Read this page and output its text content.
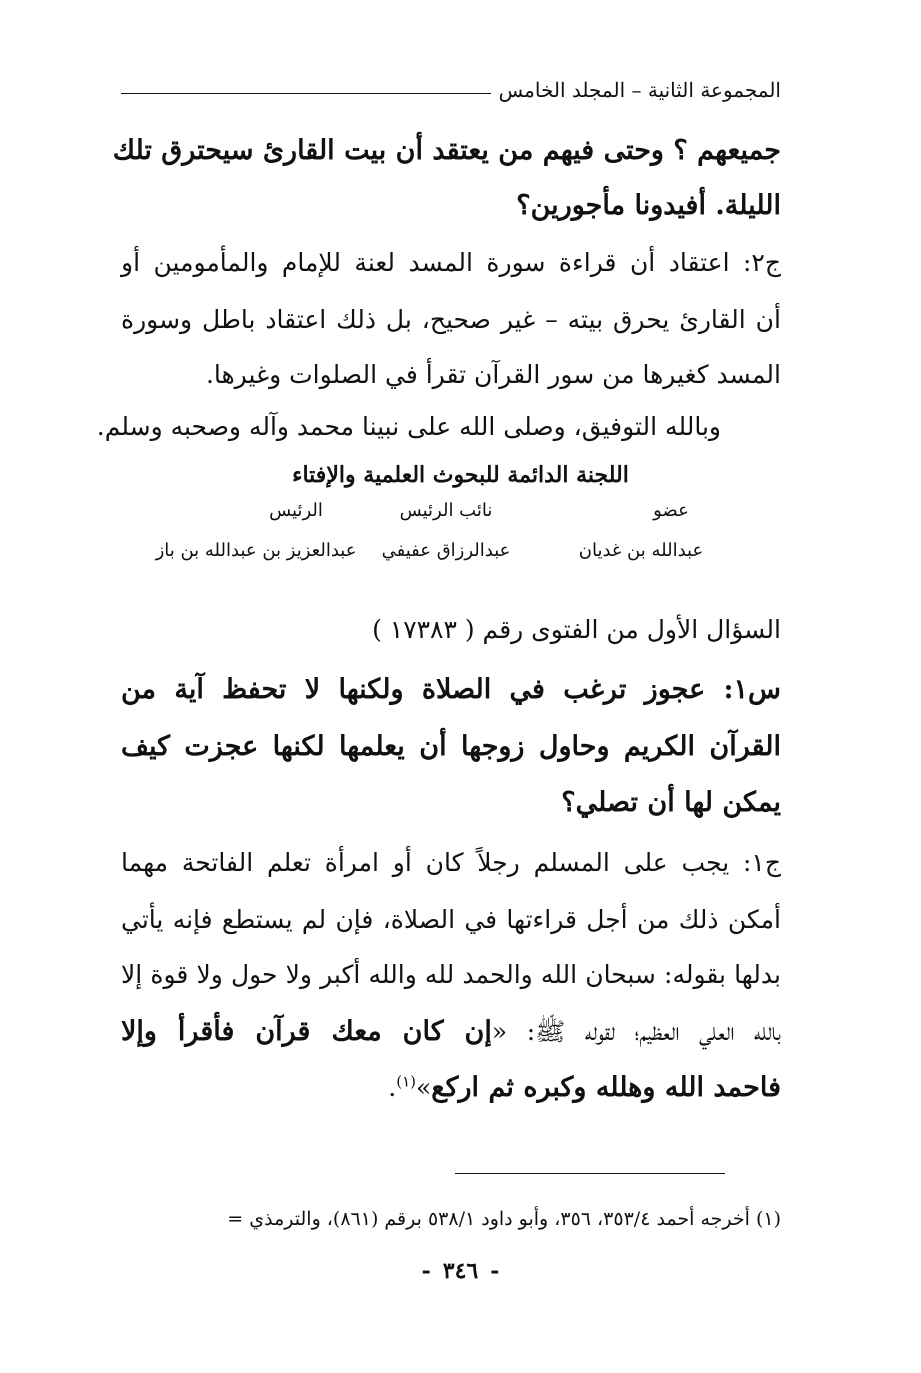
المجموعة الثانية – المجلد الخامس
جميعهم ؟ وحتى فيهم من يعتقد أن بيت القارئ سيحترق تلك
الليلة. أفيدونا مأجورين؟
ج٢: اعتقاد أن قراءة سورة المسد لعنة للإمام والمأمومين أو
أن القارئ يحرق بيته – غير صحيح، بل ذلك اعتقاد باطل وسورة
المسد كغيرها من سور القرآن تقرأ في الصلوات وغيرها.
وبالله التوفيق، وصلى الله على نبينا محمد وآله وصحبه وسلم.
اللجنة الدائمة للبحوث العلمية والإفتاء
عضو
نائب الرئيس
الرئيس
عبدالله بن غديان
عبدالرزاق عفيفي
عبدالعزيز بن عبدالله بن باز
السؤال الأول من الفتوى رقم ( ١٧٣٨٣ )
س١: عجوز ترغب في الصلاة ولكنها لا تحفظ آية من
القرآن الكريم وحاول زوجها أن يعلمها لكنها عجزت كيف
يمكن لها أن تصلي؟
ج١: يجب على المسلم رجلاً كان أو امرأة تعلم الفاتحة مهما
أمكن ذلك من أجل قراءتها في الصلاة، فإن لم يستطع فإنه يأتي
بدلها بقوله: سبحان الله والحمد لله والله أكبر ولا حول ولا قوة إلا
بالله العلي العظيم؛ لقوله ﷺ: «إن كان معك قرآن فأقرأ وإلا
فاحمد الله وهلله وكبره ثم اركع»$^{(١)}$.
(١) أخرجه أحمد ٣٥٣/٤، ٣٥٦، وأبو داود ٥٣٨/١ برقم (٨٦١)، والترمذي =
-٣٤٦-
